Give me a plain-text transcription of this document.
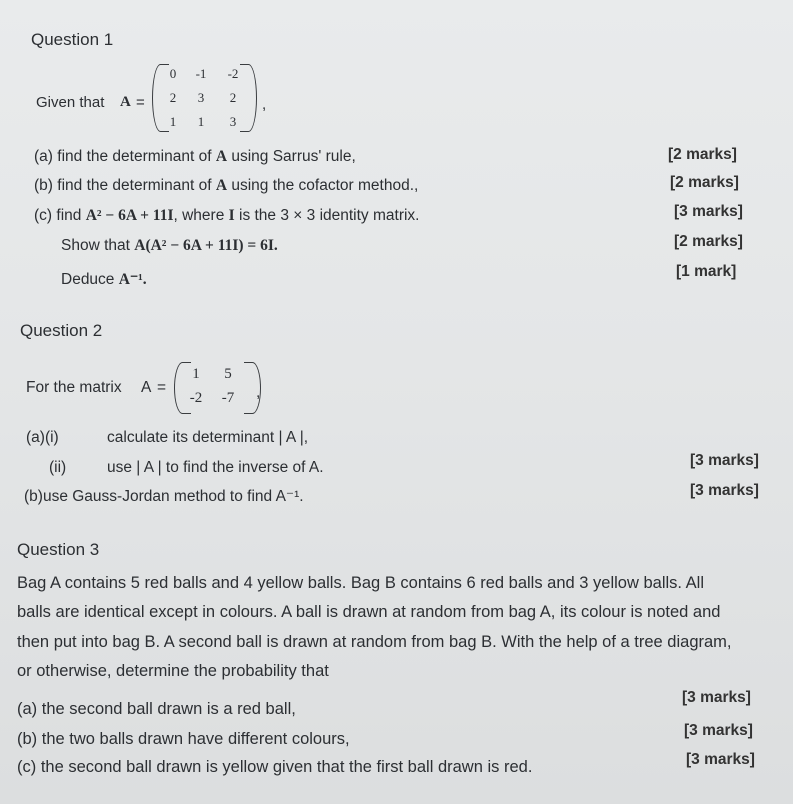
Question 1
Given that A =
0	-1	-2
2	3	2
1	1	3
,
(a) find the determinant of A using Sarrus' rule,	[2 marks]
(b) find the determinant of A using the cofactor method.,	[2 marks]
(c) find A² − 6A + 11I, where I is the 3 × 3 identity matrix.	[3 marks]
Show that A(A² − 6A + 11I) = 6I.	[2 marks]
Deduce A⁻¹.	[1 mark]
Question 2
For the matrix A =
1	5
-2	-7	,
(a)(i)	calculate its determinant | A |,
(ii)	use | A | to find the inverse of A.	[3 marks]
(b)use Gauss-Jordan method to find A⁻¹.	[3 marks]
Question 3
Bag A contains 5 red balls and 4 yellow balls. Bag B contains 6 red balls and 3 yellow balls. All
balls are identical except in colours. A ball is drawn at random from bag A, its colour is noted and
then put into bag B. A second ball is drawn at random from bag B. With the help of a tree diagram,
or otherwise, determine the probability that
(a) the second ball drawn is a red ball,
[3 marks]
(b) the two balls drawn have different colours,	[3 marks]
(c) the second ball drawn is yellow given that the first ball drawn is red.	[3 marks]
